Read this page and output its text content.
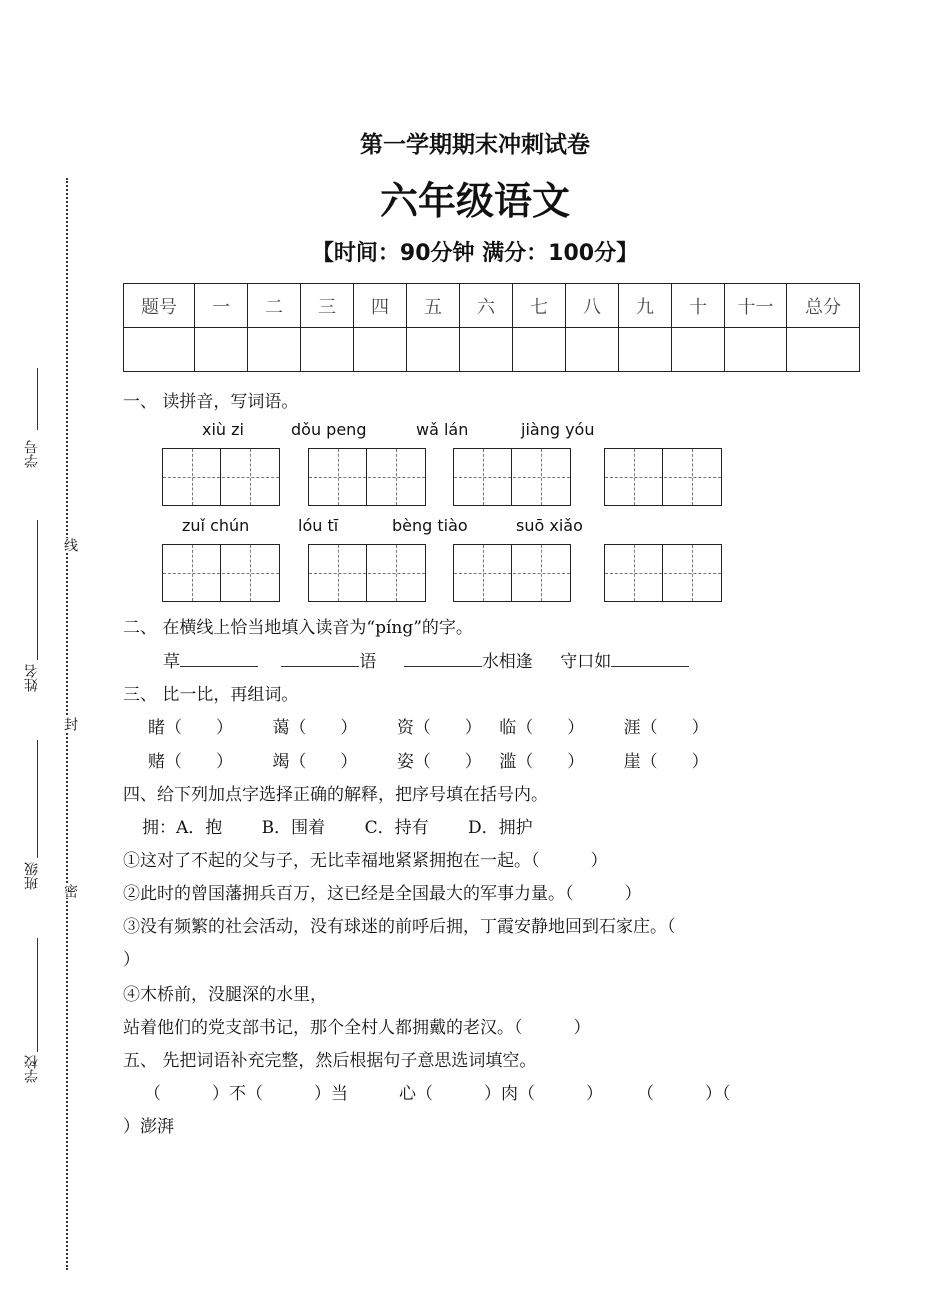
学号
姓名
班级
学校
线
封
密
第一学期期末冲刺试卷
六年级语文
【时间：90分钟 满分：100分】
题号	一	二	三	四	五	六	七	八	九	十	十一	总分

一、 读拼音，写词语。
xiù zi	dǒu peng	wǎ lán	jiàng yóu
zuǐ chún	lóu tī	bèng tiào	suō xiǎo
二、 在横线上恰当地填入读音为“píng”的字。
草	语	水相逢 守口如
三、 比一比，再组词。
睹（　　） 蔼（　　） 资（　　） 临（　　） 涯（　　）
赌（　　） 竭（　　） 姿（　　） 滥（　　） 崖（　　）
四、给下列加点字选择正确的解释，把序号填在括号内。
拥：A．抱　　 B．围着　　 C．持有　　 D．拥护
①这对了不起的父与子，无比幸福地紧紧拥抱在一起。（　　　）
②此时的曾国藩拥兵百万，这已经是全国最大的军事力量。（　　　）
③没有频繁的社会活动，没有球迷的前呼后拥，丁霞安静地回到石家庄。（
）
④木桥前，没腿深的水里，
站着他们的党支部书记，那个全村人都拥戴的老汉。（　　　）
五、 先把词语补充完整，然后根据句子意思选词填空。
（　　　）不（　　　）当　　　心（　　　）肉（　　　）　　　（　　　）（
）澎湃
